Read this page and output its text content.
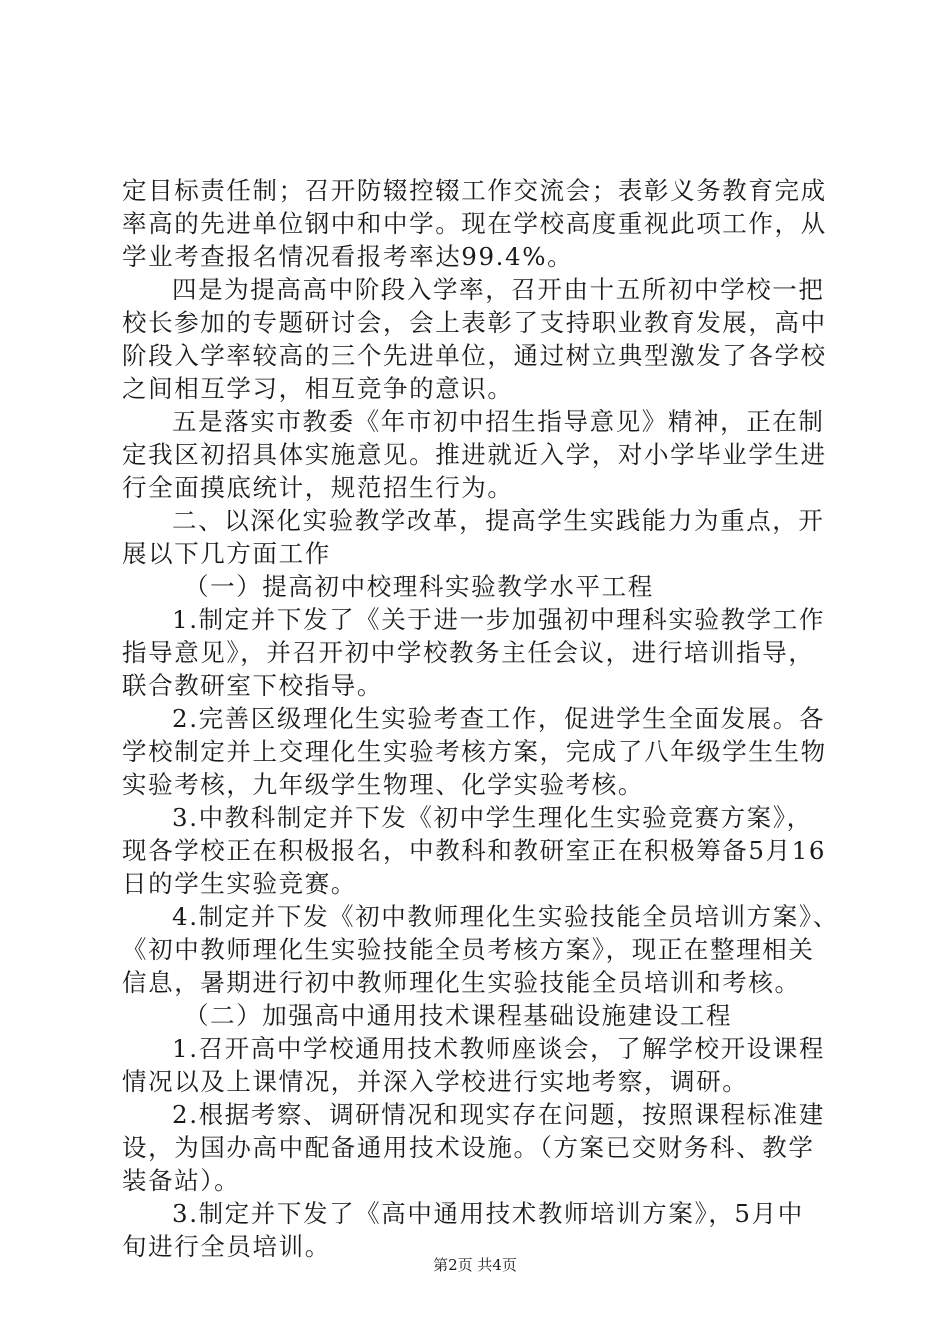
定目标责任制；召开防辍控辍工作交流会；表彰义务教育完成
率高的先进单位钢中和中学。现在学校高度重视此项工作，从
学业考查报名情况看报考率达99.4%。
四是为提高高中阶段入学率，召开由十五所初中学校一把
校长参加的专题研讨会，会上表彰了支持职业教育发展，高中
阶段入学率较高的三个先进单位，通过树立典型激发了各学校
之间相互学习，相互竞争的意识。
五是落实市教委《年市初中招生指导意见》精神，正在制
定我区初招具体实施意见。推进就近入学，对小学毕业学生进
行全面摸底统计，规范招生行为。
二、以深化实验教学改革，提高学生实践能力为重点，开
展以下几方面工作
（一）提高初中校理科实验教学水平工程
1.制定并下发了《关于进一步加强初中理科实验教学工作
指导意见》，并召开初中学校教务主任会议，进行培训指导，
联合教研室下校指导。
2.完善区级理化生实验考查工作，促进学生全面发展。各
学校制定并上交理化生实验考核方案，完成了八年级学生生物
实验考核，九年级学生物理、化学实验考核。
3.中教科制定并下发《初中学生理化生实验竞赛方案》，
现各学校正在积极报名，中教科和教研室正在积极筹备5月16
日的学生实验竞赛。
4.制定并下发《初中教师理化生实验技能全员培训方案》、
《初中教师理化生实验技能全员考核方案》，现正在整理相关
信息，暑期进行初中教师理化生实验技能全员培训和考核。
（二）加强高中通用技术课程基础设施建设工程
1.召开高中学校通用技术教师座谈会，了解学校开设课程
情况以及上课情况，并深入学校进行实地考察，调研。
2.根据考察、调研情况和现实存在问题，按照课程标准建
设，为国办高中配备通用技术设施。（方案已交财务科、教学
装备站）。
3.制定并下发了《高中通用技术教师培训方案》，5月中
旬进行全员培训。
第2页 共4页
